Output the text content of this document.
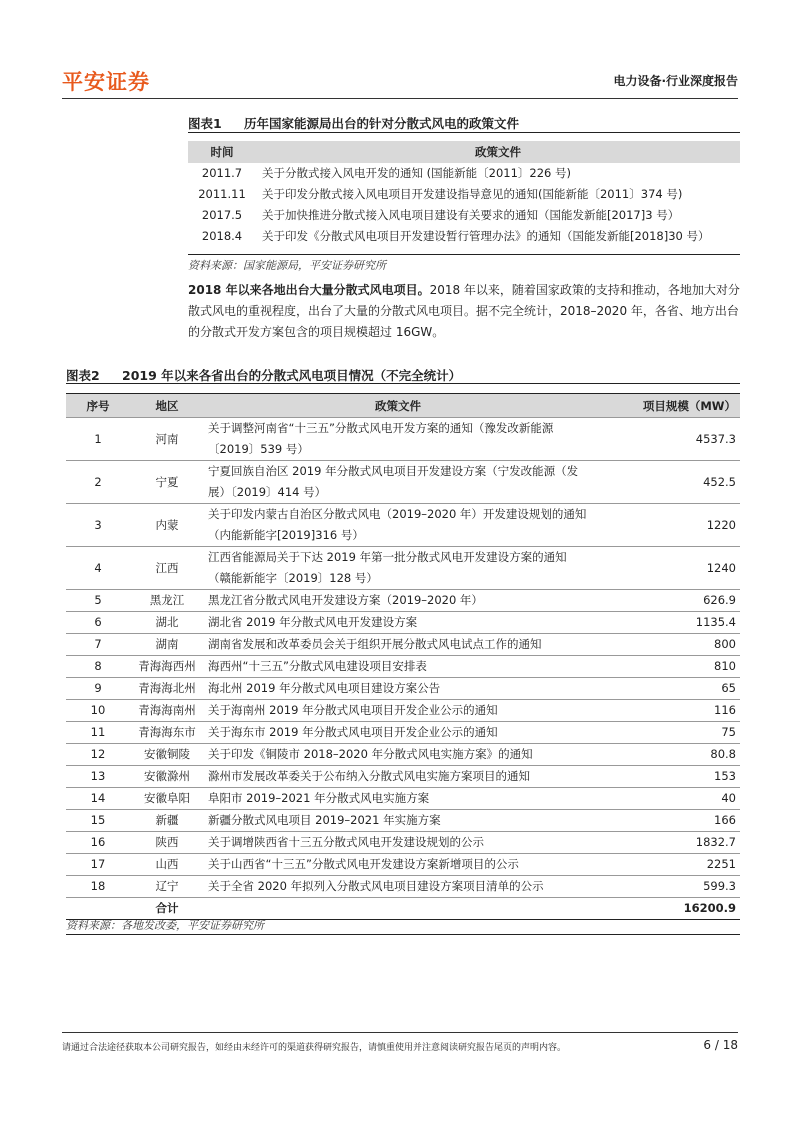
平安证券	电力设备·行业深度报告
图表1 历年国家能源局出台的针对分散式风电的政策文件
时间	政策文件
2011.7	关于分散式接入风电开发的通知 (国能新能〔2011〕226 号)
2011.11	关于印发分散式接入风电项目开发建设指导意见的通知(国能新能〔2011〕374 号)
2017.5	关于加快推进分散式接入风电项目建设有关要求的通知（国能发新能[2017]3 号）
2018.4	关于印发《分散式风电项目开发建设暂行管理办法》的通知（国能发新能[2018]30 号）
资料来源：国家能源局，平安证券研究所
2018 年以来各地出台大量分散式风电项目。2018 年以来，随着国家政策的支持和推动，各地加大对分散式风电的重视程度，出台了大量的分散式风电项目。据不完全统计，2018–2020 年，各省、地方出台的分散式开发方案包含的项目规模超过 16GW。
图表2 2019 年以来各省出台的分散式风电项目情况（不完全统计）
序号	地区	政策文件	项目规模（MW）
1	河南	关于调整河南省“十三五”分散式风电开发方案的通知（豫发改新能源〔2019〕539 号）	4537.3
2	宁夏	宁夏回族自治区 2019 年分散式风电项目开发建设方案（宁发改能源（发展）〔2019〕414 号）	452.5
3	内蒙	关于印发内蒙古自治区分散式风电（2019–2020 年）开发建设规划的通知（内能新能字[2019]316 号）	1220
4	江西	江西省能源局关于下达 2019 年第一批分散式风电开发建设方案的通知（赣能新能字〔2019〕128 号）	1240
5	黑龙江	黑龙江省分散式风电开发建设方案（2019–2020 年）	626.9
6	湖北	湖北省 2019 年分散式风电开发建设方案	1135.4
7	湖南	湖南省发展和改革委员会关于组织开展分散式风电试点工作的通知	800
8	青海海西州	海西州“十三五”分散式风电建设项目安排表	810
9	青海海北州	海北州 2019 年分散式风电项目建设方案公告	65
10	青海海南州	关于海南州 2019 年分散式风电项目开发企业公示的通知	116
11	青海海东市	关于海东市 2019 年分散式风电项目开发企业公示的通知	75
12	安徽铜陵	关于印发《铜陵市 2018–2020 年分散式风电实施方案》的通知	80.8
13	安徽滁州	滁州市发展改革委关于公布纳入分散式风电实施方案项目的通知	153
14	安徽阜阳	阜阳市 2019–2021 年分散式风电实施方案	40
15	新疆	新疆分散式风电项目 2019–2021 年实施方案	166
16	陕西	关于调增陕西省十三五分散式风电开发建设规划的公示	1832.7
17	山西	关于山西省“十三五”分散式风电开发建设方案新增项目的公示	2251
18	辽宁	关于全省 2020 年拟列入分散式风电项目建设方案项目清单的公示	599.3
	合计		16200.9
资料来源：各地发改委，平安证券研究所
请通过合法途径获取本公司研究报告，如经由未经许可的渠道获得研究报告，请慎重使用并注意阅读研究报告尾页的声明内容。	6 / 18
